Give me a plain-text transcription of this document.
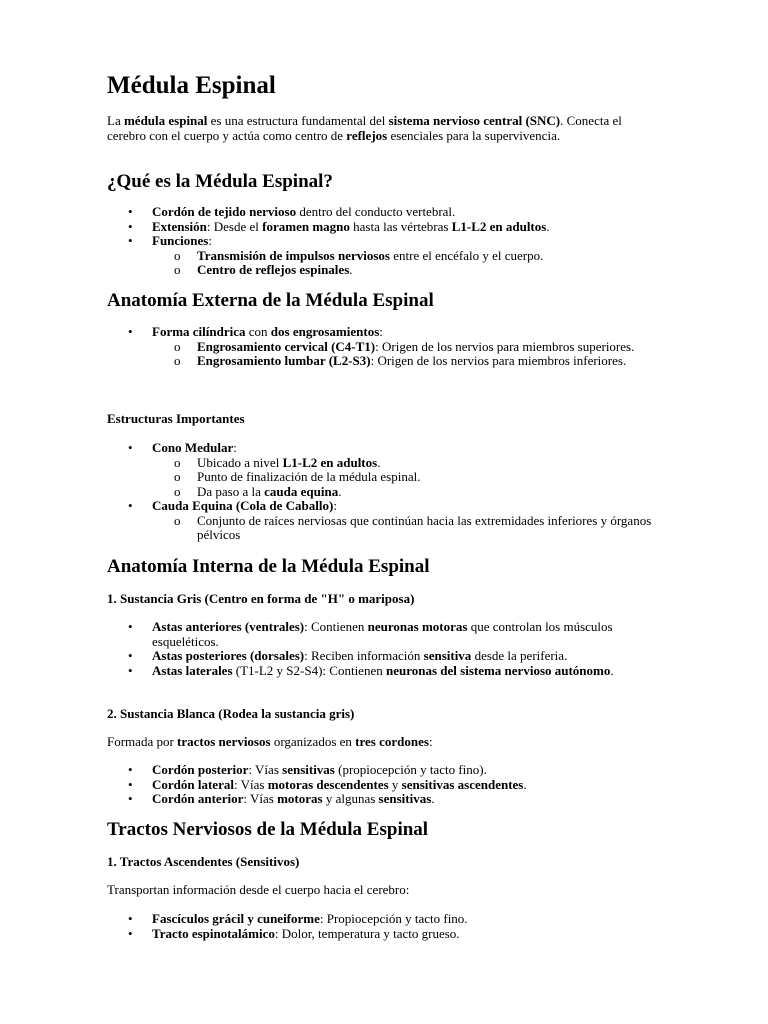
Médula Espinal

La médula espinal es una estructura fundamental del sistema nervioso central (SNC). Conecta el cerebro con el cuerpo y actúa como centro de reflejos esenciales para la supervivencia.

¿Qué es la Médula Espinal?
• Cordón de tejido nervioso dentro del conducto vertebral.
• Extensión: Desde el foramen magno hasta las vértebras L1-L2 en adultos.
• Funciones:
o Transmisión de impulsos nerviosos entre el encéfalo y el cuerpo.
o Centro de reflejos espinales.
Anatomía Externa de la Médula Espinal
• Forma cilíndrica con dos engrosamientos:
o Engrosamiento cervical (C4-T1): Origen de los nervios para miembros superiores.
o Engrosamiento lumbar (L2-S3): Origen de los nervios para miembros inferiores.
Estructuras Importantes
• Cono Medular:
o Ubicado a nivel L1-L2 en adultos.
o Punto de finalización de la médula espinal.
o Da paso a la cauda equina.
• Cauda Equina (Cola de Caballo):
o Conjunto de raíces nerviosas que continúan hacia las extremidades inferiores y órganos pélvicos
Anatomía Interna de la Médula Espinal
1. Sustancia Gris (Centro en forma de "H" o mariposa)
• Astas anteriores (ventrales): Contienen neuronas motoras que controlan los músculos esqueléticos.
• Astas posteriores (dorsales): Reciben información sensitiva desde la periferia.
• Astas laterales (T1-L2 y S2-S4): Contienen neuronas del sistema nervioso autónomo.
2. Sustancia Blanca (Rodea la sustancia gris)

Formada por tractos nerviosos organizados en tres cordones:

• Cordón posterior: Vías sensitivas (propiocepción y tacto fino).
• Cordón lateral: Vías motoras descendentes y sensitivas ascendentes.
• Cordón anterior: Vías motoras y algunas sensitivas.
Tractos Nerviosos de la Médula Espinal
1. Tractos Ascendentes (Sensitivos)

Transportan información desde el cuerpo hacia el cerebro:

• Fascículos grácil y cuneiforme: Propiocepción y tacto fino.
• Tracto espinotalámico: Dolor, temperatura y tacto grueso.
